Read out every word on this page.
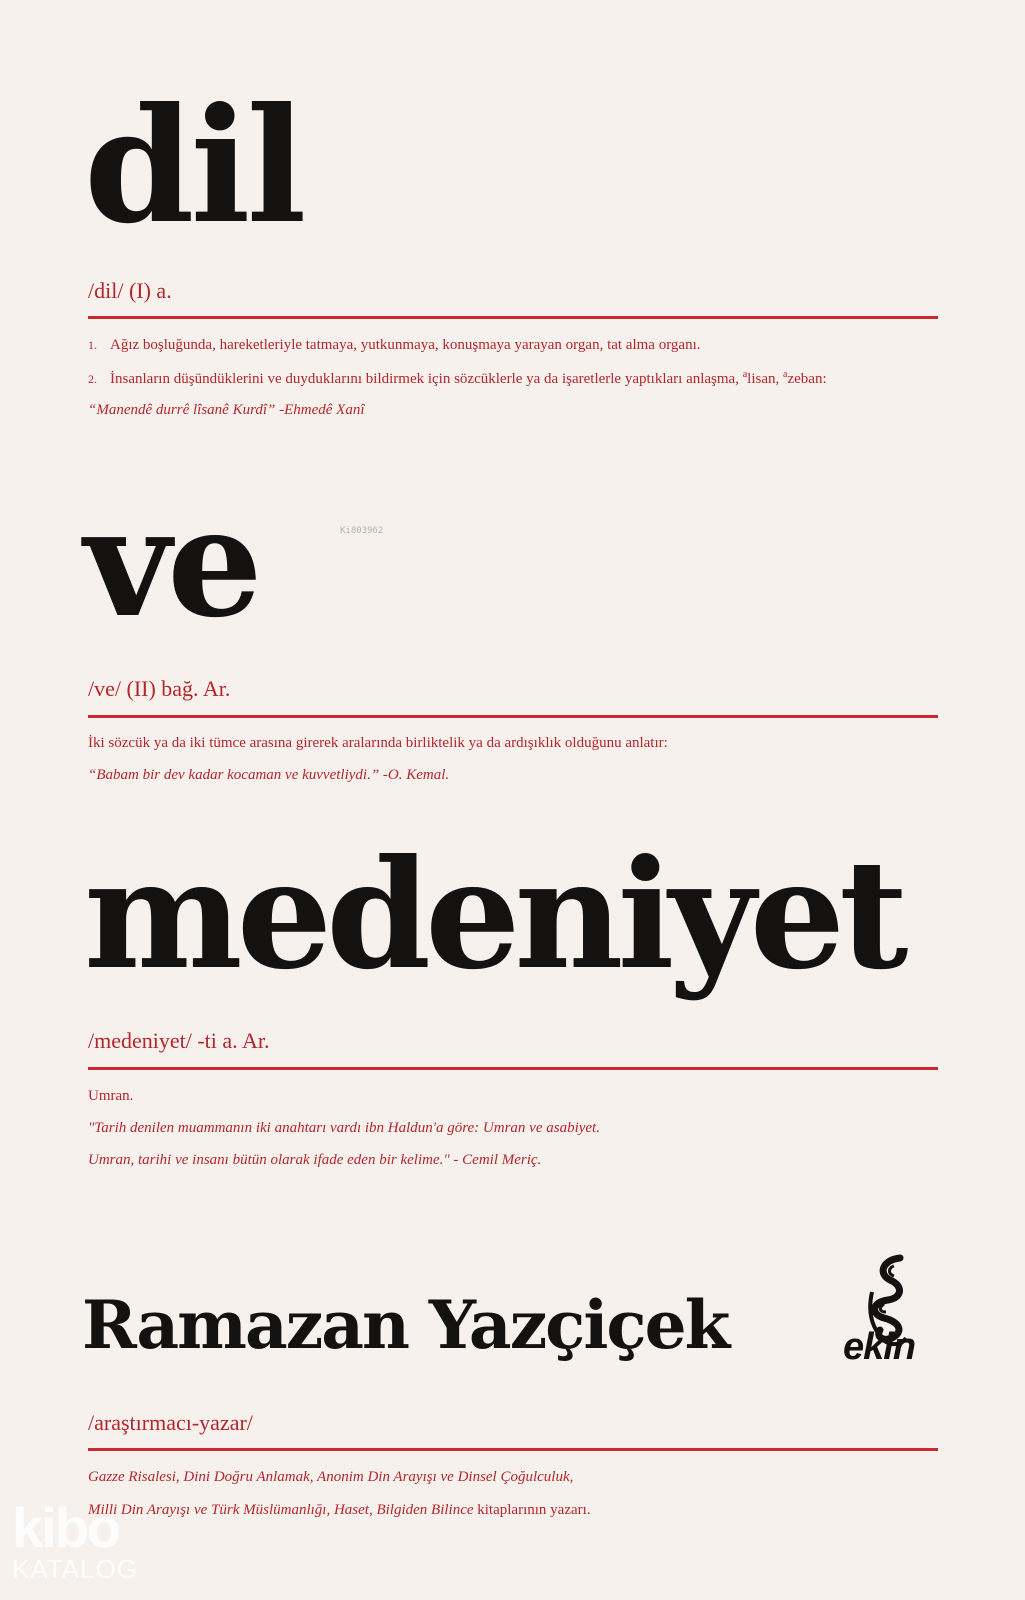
dil
/dil/ (I) a.
1. Ağız boşluğunda, hareketleriyle tatmaya, yutkunmaya, konuşmaya yarayan organ, tat alma organı.
2. İnsanların düşündüklerini ve duyduklarını bildirmek için sözcüklerle ya da işaretlerle yaptıkları anlaşma, $^a$lisan, $^a$zeban:
“Manendê durrê lîsanê Kurdî” -Ehmedê Xanî
Ki803962
ve
/ve/ (II) bağ. Ar.
İki sözcük ya da iki tümce arasına girerek aralarında birliktelik ya da ardışıklık olduğunu anlatır:
“Babam bir dev kadar kocaman ve kuvvetliydi.” -O. Kemal.
medeniyet
/medeniyet/ -ti a. Ar.
Umran.
"Tarih denilen muammanın iki anahtarı vardı ibn Haldun'a göre: Umran ve asabiyet.
Umran, tarihi ve insanı bütün olarak ifade eden bir kelime." - Cemil Meriç.
Ramazan Yazçiçek	ekin
/araştırmacı-yazar/
Gazze Risalesi, Dini Doğru Anlamak, Anonim Din Arayışı ve Dinsel Çoğulculuk,
Milli Din Arayışı ve Türk Müslümanlığı, Haset, Bilgiden Bilince kitaplarının yazarı.
kibo
KATALOG
